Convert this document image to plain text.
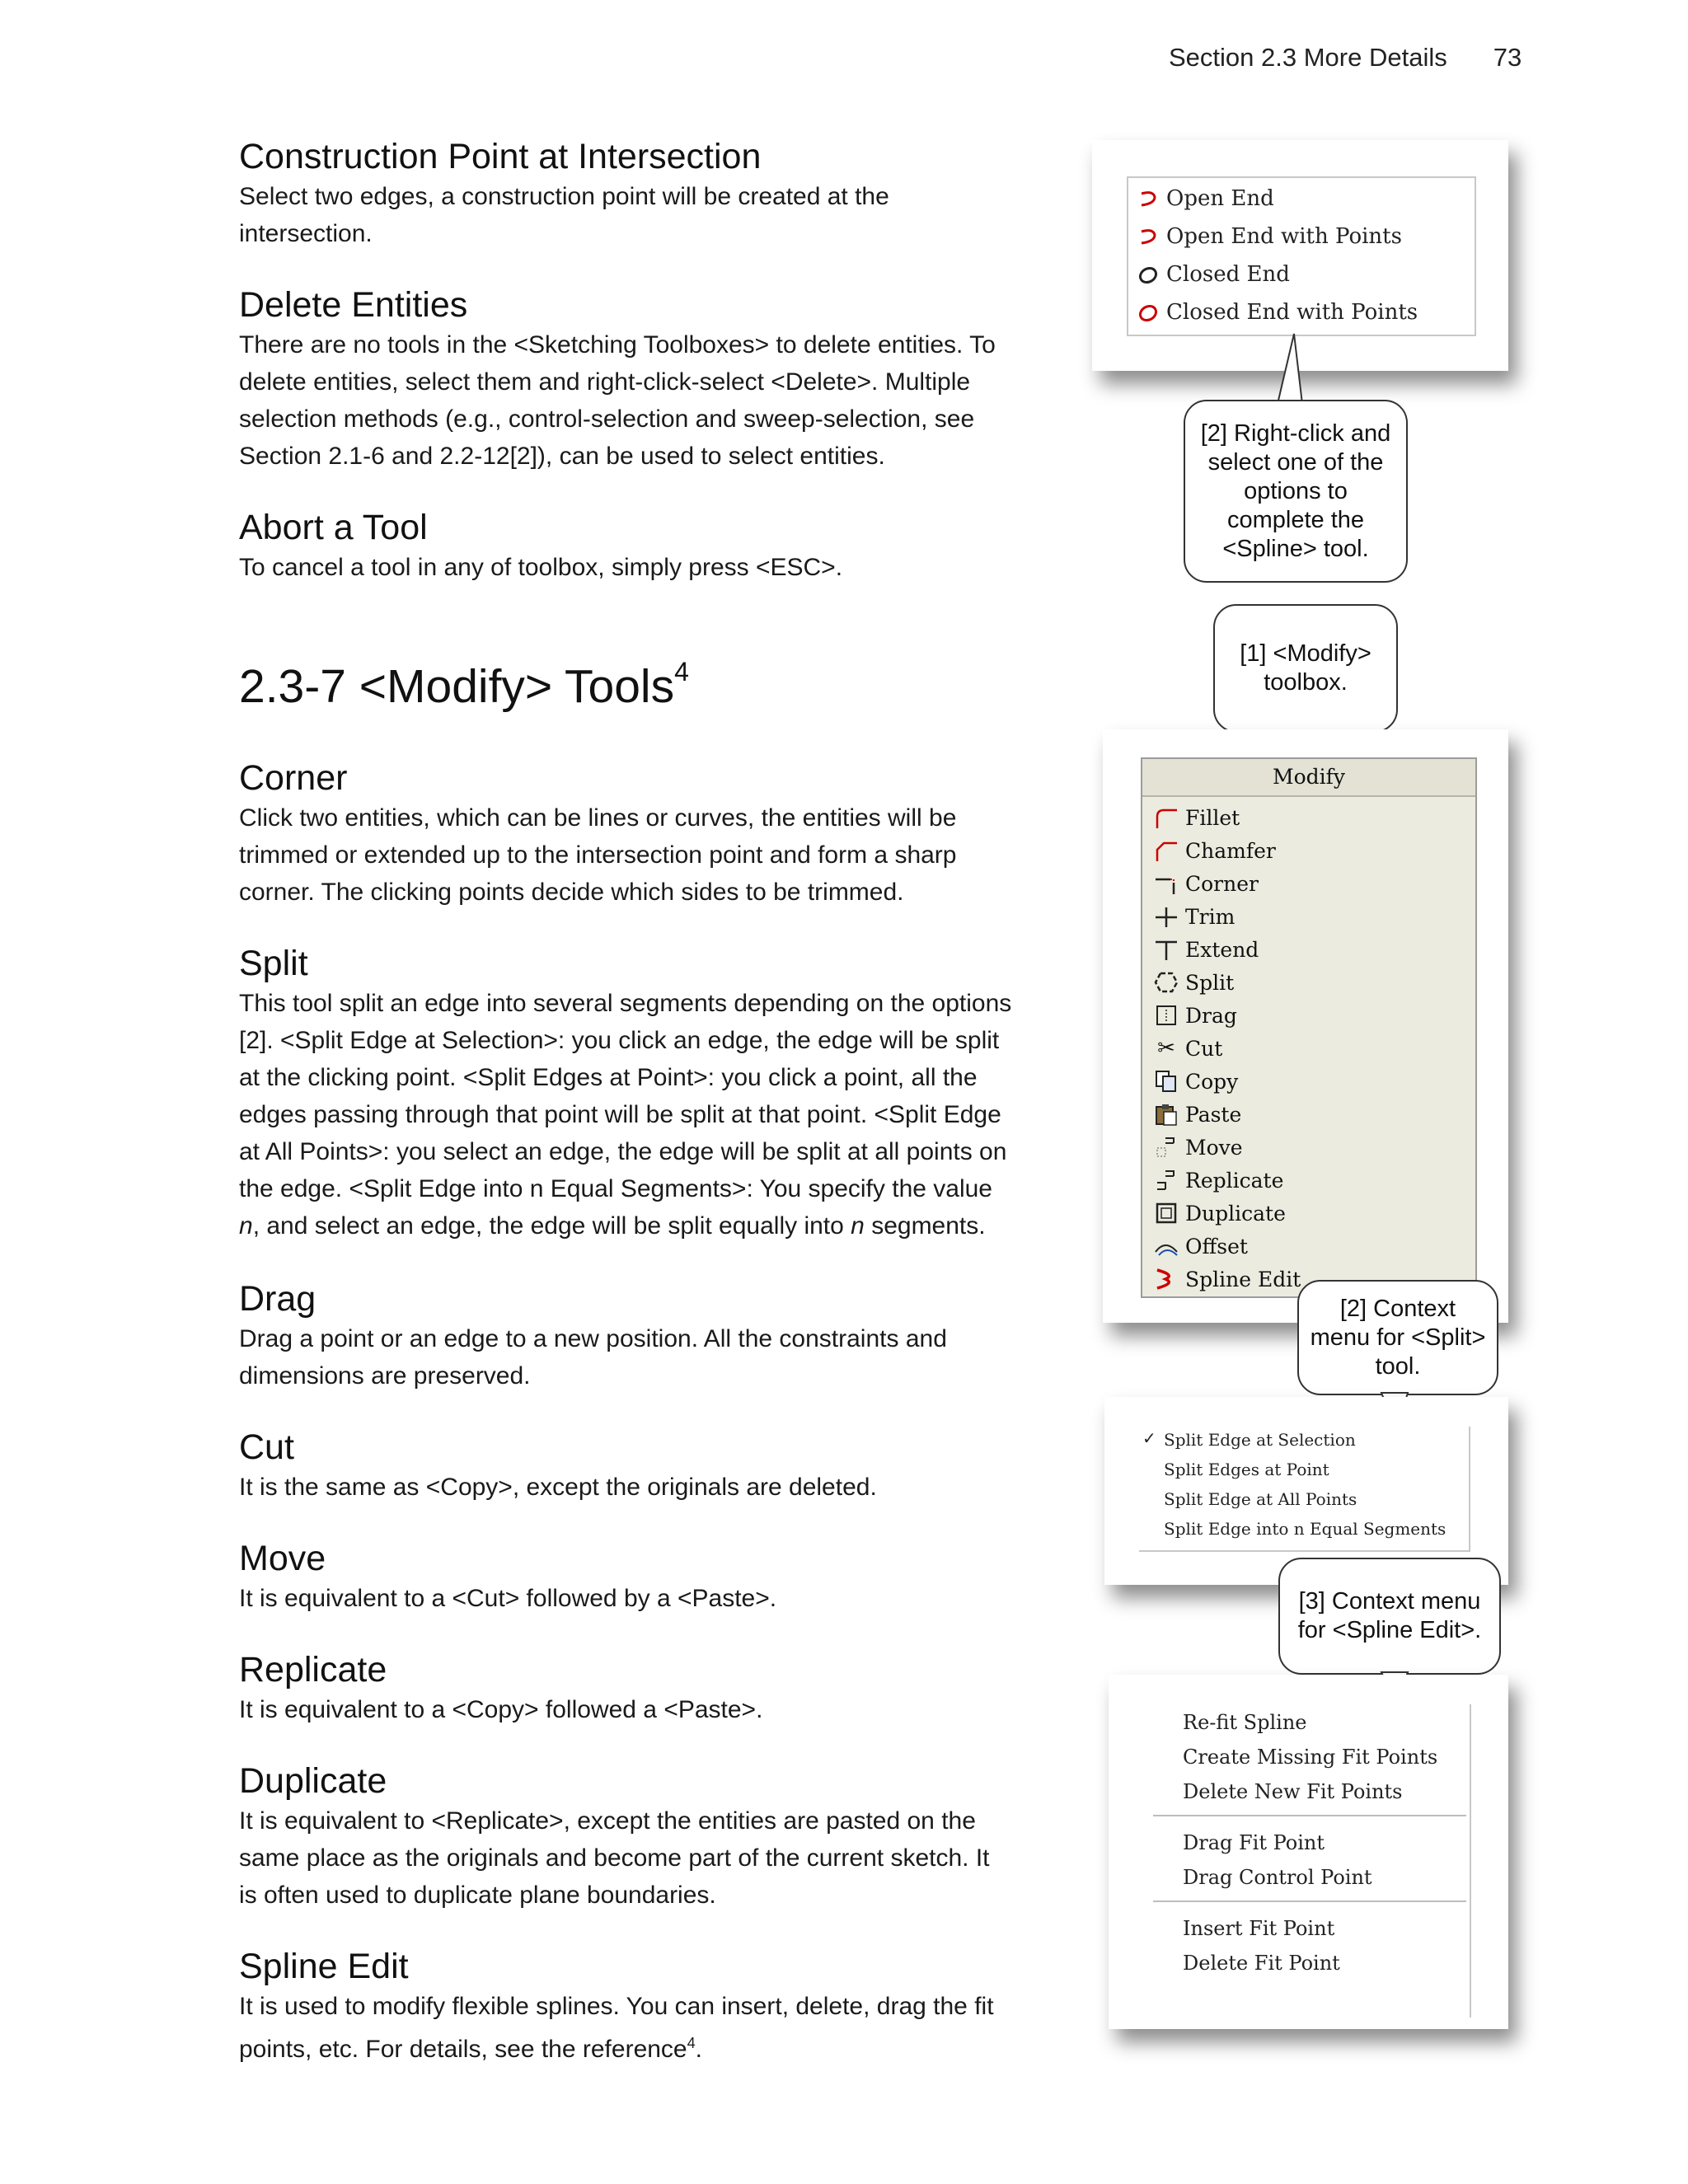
Section 2.3 More Details 73
Construction Point at Intersection

Select two edges, a construction point will be created at the intersection.

Delete Entities

There are no tools in the <Sketching Toolboxes> to delete entities. To delete entities, select them and right-click-select <Delete>. Multiple selection methods (e.g., control-selection and sweep-selection, see Section 2.1-6 and 2.2-12[2]), can be used to select entities.

Abort a Tool

To cancel a tool in any of toolbox, simply press <ESC>.

2.3-7 <Modify> Tools$^4$
Corner

Click two entities, which can be lines or curves, the entities will be trimmed or extended up to the intersection point and form a sharp corner. The clicking points decide which sides to be trimmed.

Split

This tool split an edge into several segments depending on the options [2]. <Split Edge at Selection>: you click an edge, the edge will be split at the clicking point. <Split Edges at Point>: you click a point, all the edges passing through that point will be split at that point. <Split Edge at All Points>: you select an edge, the edge will be split at all points on the edge. <Split Edge into n Equal Segments>: You specify the value n, and select an edge, the edge will be split equally into n segments.

Drag

Drag a point or an edge to a new position. All the constraints and dimensions are preserved.

Cut

It is the same as <Copy>, except the originals are deleted.

Move

It is equivalent to a <Cut> followed by a <Paste>.

Replicate

It is equivalent to a <Copy> followed a <Paste>.

Duplicate

It is equivalent to <Replicate>, except the entities are pasted on the same place as the originals and become part of the current sketch. It is often used to duplicate plane boundaries.

Spline Edit

It is used to modify flexible splines. You can insert, delete, drag the fit points, etc. For details, see the reference$^4$.

Open End
Open End with Points
Closed End
Closed End with Points
[2] Right-click and select one of the options to complete the <Spline> tool.
[1] <Modify> toolbox.
Modify
Fillet
Chamfer
Corner
Trim
Extend
Split
Drag
✂ Cut
Copy
Paste
Move
Replicate
Duplicate
Offset
Spline Edit
[2] Context menu for <Split> tool.
✓ Split Edge at Selection
Split Edges at Point
Split Edge at All Points
Split Edge into n Equal Segments
[3] Context menu for <Spline Edit>.
Re-fit Spline
Create Missing Fit Points
Delete New Fit Points
Drag Fit Point
Drag Control Point
Insert Fit Point
Delete Fit Point
